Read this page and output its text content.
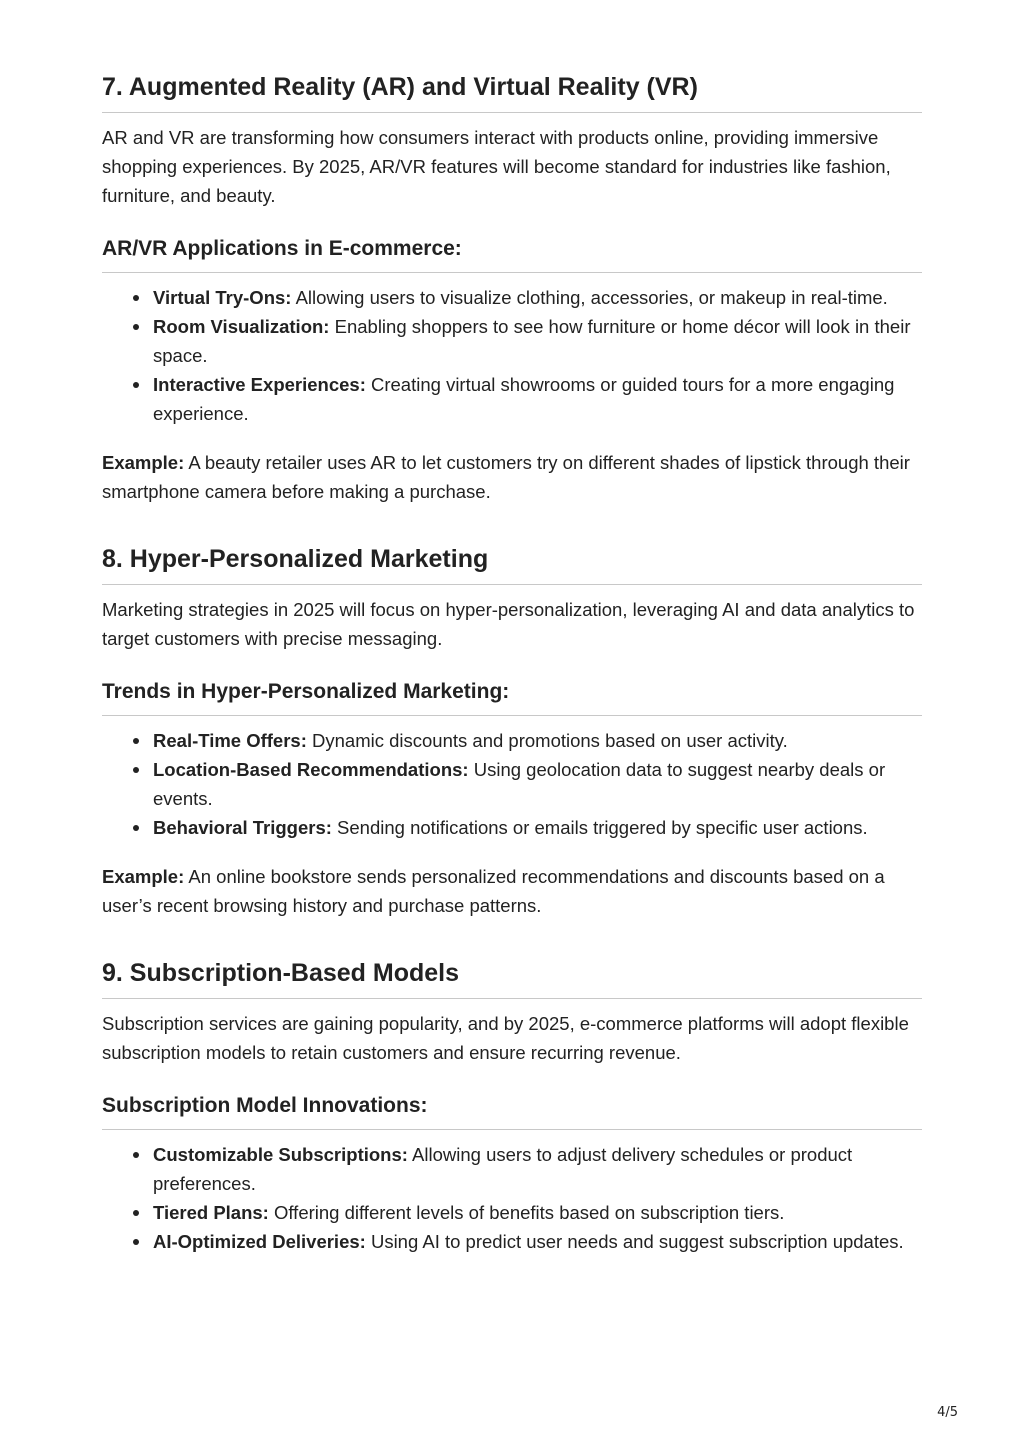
7. Augmented Reality (AR) and Virtual Reality (VR)

AR and VR are transforming how consumers interact with products online, providing immersive shopping experiences. By 2025, AR/VR features will become standard for industries like fashion, furniture, and beauty.

AR/VR Applications in E-commerce:
Virtual Try-Ons: Allowing users to visualize clothing, accessories, or makeup in real-time.
Room Visualization: Enabling shoppers to see how furniture or home décor will look in their space.
Interactive Experiences: Creating virtual showrooms or guided tours for a more engaging experience.

Example: A beauty retailer uses AR to let customers try on different shades of lipstick through their smartphone camera before making a purchase.

8. Hyper-Personalized Marketing

Marketing strategies in 2025 will focus on hyper-personalization, leveraging AI and data analytics to target customers with precise messaging.

Trends in Hyper-Personalized Marketing:
Real-Time Offers: Dynamic discounts and promotions based on user activity.
Location-Based Recommendations: Using geolocation data to suggest nearby deals or events.
Behavioral Triggers: Sending notifications or emails triggered by specific user actions.

Example: An online bookstore sends personalized recommendations and discounts based on a user’s recent browsing history and purchase patterns.

9. Subscription-Based Models

Subscription services are gaining popularity, and by 2025, e-commerce platforms will adopt flexible subscription models to retain customers and ensure recurring revenue.

Subscription Model Innovations:
Customizable Subscriptions: Allowing users to adjust delivery schedules or product preferences.
Tiered Plans: Offering different levels of benefits based on subscription tiers.
AI-Optimized Deliveries: Using AI to predict user needs and suggest subscription updates.
4/5
